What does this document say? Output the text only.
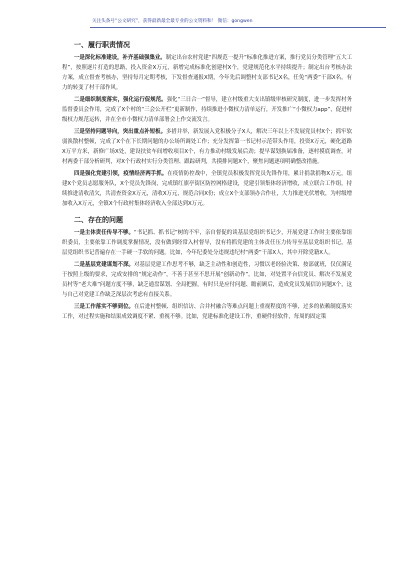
关注头条号“公文研究”，获得最新最全最专业的公文资料和！ 微信：gongwen
一、履行职责情况

一是深化标准建设，补齐基础强集业。制定出台农村党建“四规范一提升”标准化推进方案，推行党员分类管理“五大工程”，按照逐片打造的思路，投入资金X万元，新增完成标准化创建村X个，党建规范化水平持续提升；制定出台考核办法方案，成立督查考核办，坚持每月定期考核，下发督查通报X期，今年先后调整村支部书记X名，任免“两委”干部X名，有力的转变了村干部作风。

二是细织制度落实，强化运行促规范。强化“三日合一”督导，建立村级重大支出镇级审核研究制度，进一步发挥村务监督委员会作用，完成了X个村的“三会公开栏”更新制作，持续推进小微权力清单运行，开发推广“小微权力app”，促进村级权力规范运转，并在全市小微权力清单部署会上作交流发言。

三是坚持问题导向，突出重点补短板。多措并举，新发展入党积极分子X人，解决三年以上不发展党员村X个；抓牢软弱涣散村整顿，完成了X个在下长期问题的办公场所调处工作；充分发挥第一书记村示范带头作用，投资X万元，硬化道路X万平方米，新修广场X处，建设扶贫车间增收项目X个，有力推动村级发展后劲；提早谋划换届准备，逐村摸底调查，对村两委干部分析研判，对X个行政村实行分类管理、跟踪研判，共摸排问题X个，聚焦问题逐项明确整改措施。

四是强化党建引领，疫情经济两手抓。在疫情防控战中，全镇党员积极发挥党员先锋作用，累计捐款捐物X万元，组建X个党员志愿服务队，X个党员先锋岗，完成镇红旗亭街区防控网格建设，党建引领集体经济增收，成立联合工作组，持续推进清收清欠，共清查资金X万元，清收X万元，规范合同X份；成立X个支部领办合作社，大力推进光伏增收，为村级增加收入X万元，全镇X个行政村集体经济收入全部达到X万元。

二、存在的问题

一是主体责任传导不够。“书记抓、抓书记”树的不牢，亲自督促的谈基层党组织书记少，开展党建工作时主要依靠组织委员，主要依靠工作调度掌握情况，没有做到经常入村督导，没有将抓党建的主体责任压力传导至基层党组织书记，基层党组织书记普遍存在一手硬一手软的问题。比如，今年纪委处分违规违纪村“两委”干部X人，其中开除党籍X人。

二是基层党建谋划不深。对基层党建工作思考不够，缺乏主动性和创造性，习惯以老经验决策、按部就班，仅仅满足于按照上级的要求，完成安排的“规定动作”，不善于甚至不思开展“创新动作”。比如，对处置平台信党员、解决不发展党员村等“老大难”问题方度不够，缺乏通盘谋划、全局把握，有时只是应付问题、瞻前顾后，造成党员发展信访问题X个，这与自己对党建工作缺乏深层次考虑有直接关系。

三是工作落实不够到位。在后进村整顿、组织信访、合并村融合等难点问题上重视程度的不够，过多的依赖制度落实工作，对过程实施和结果成效调度不紧、重视不够。比如，党建标准化建设工作，重硬件轻软件，每周的固定策
